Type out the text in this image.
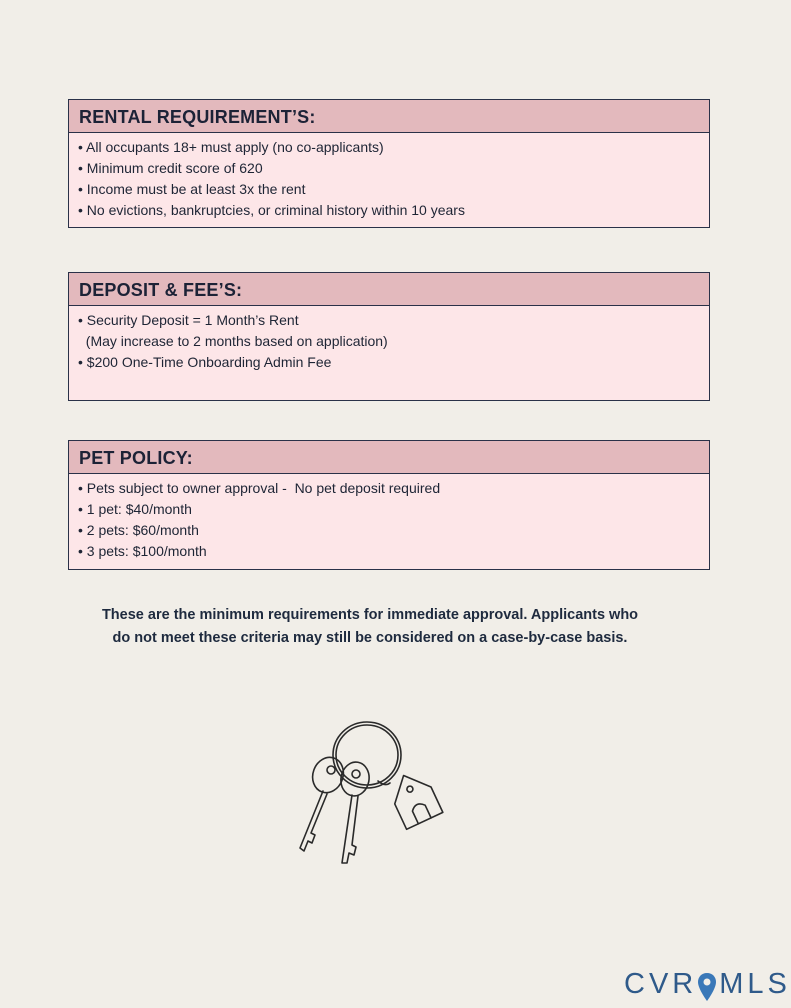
RENTAL REQUIREMENT’S:
• All occupants 18+ must apply (no co-applicants)
• Minimum credit score of 620
• Income must be at least 3x the rent
• No evictions, bankruptcies, or criminal history within 10 years
DEPOSIT & FEE’S:
• Security Deposit = 1 Month’s Rent
(May increase to 2 months based on application)
• $200 One-Time Onboarding Admin Fee
PET POLICY:
• Pets subject to owner approval -  No pet deposit required
• 1 pet: $40/month
• 2 pets: $60/month
• 3 pets: $100/month

These are the minimum requirements for immediate approval. Applicants who

do not meet these criteria may still be considered on a case-by-case basis.

CVR MLS
